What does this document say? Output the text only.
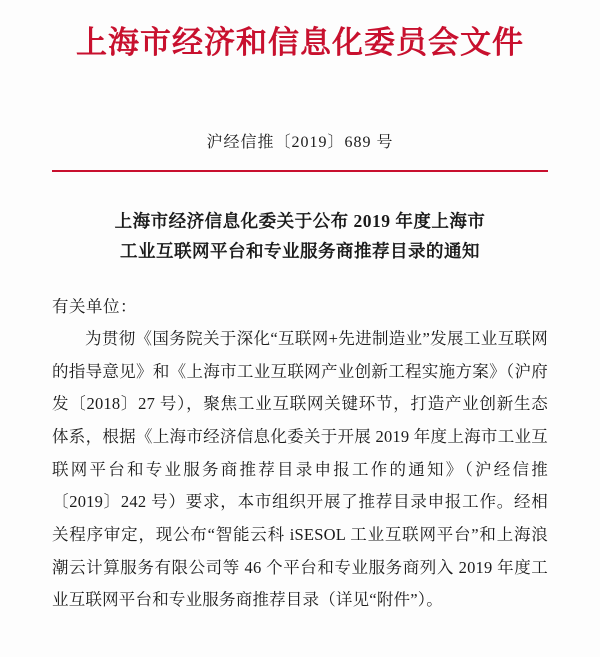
上海市经济和信息化委员会文件
沪经信推〔2019〕689 号
上海市经济信息化委关于公布 2019 年度上海市
工业互联网平台和专业服务商推荐目录的通知
有关单位：

为贯彻《国务院关于深化“互联网+先进制造业”发展工业互联网的指导意见》和《上海市工业互联网产业创新工程实施方案》（沪府发〔2018〕27 号），聚焦工业互联网关键环节，打造产业创新生态体系，根据《上海市经济信息化委关于开展 2019 年度上海市工业互联网平台和专业服务商推荐目录申报工作的通知》（沪经信推〔2019〕242 号）要求，本市组织开展了推荐目录申报工作。经相关程序审定，现公布“智能云科 iSESOL 工业互联网平台”和上海浪潮云计算服务有限公司等 46 个平台和专业服务商列入 2019 年度工业互联网平台和专业服务商推荐目录（详见“附件”）。
